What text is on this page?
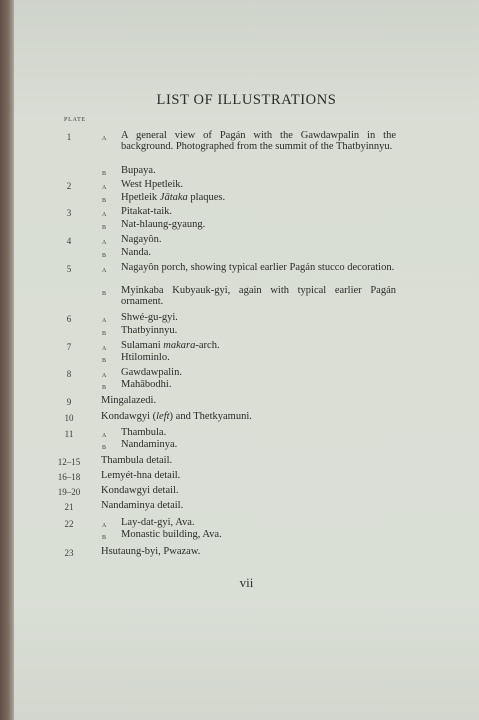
LIST OF ILLUSTRATIONS
PLATE
1	A	A general view of Pagán with the Gawdawpalin in the background. Photographed from the summit of the Thatbyinnyu.
B	Bupaya.
2	A	West Hpetleik.
B	Hpetleik Jātaka plaques.
3	A	Pitakat-taik.
B	Nat-hlaung-gyaung.
4	A	Nagayôn.
B	Nanda.
5	A	Nagayôn porch, showing typical earlier Pagán stucco decoration.
B	Myinkaba Kubyauk-gyi, again with typical earlier Pagán ornament.
6	A	Shwé-gu-gyi.
B	Thatbyinnyu.
7	A	Sulamani makara-arch.
B	Htilominlo.
8	A	Gawdawpalin.
B	Mahābodhi.
9	Mingalazedi.
10	Kondawgyi (left) and Thetkyamuni.
11	A	Thambula.
B	Nandaminya.
12–15	Thambula detail.
16–18	Lemyét-hna detail.
19–20	Kondawgyi detail.
21	Nandaminya detail.
22	A	Lay-dat-gyi, Ava.
B	Monastic building, Ava.
23	Hsutaung-byi, Pwazaw.
vii
